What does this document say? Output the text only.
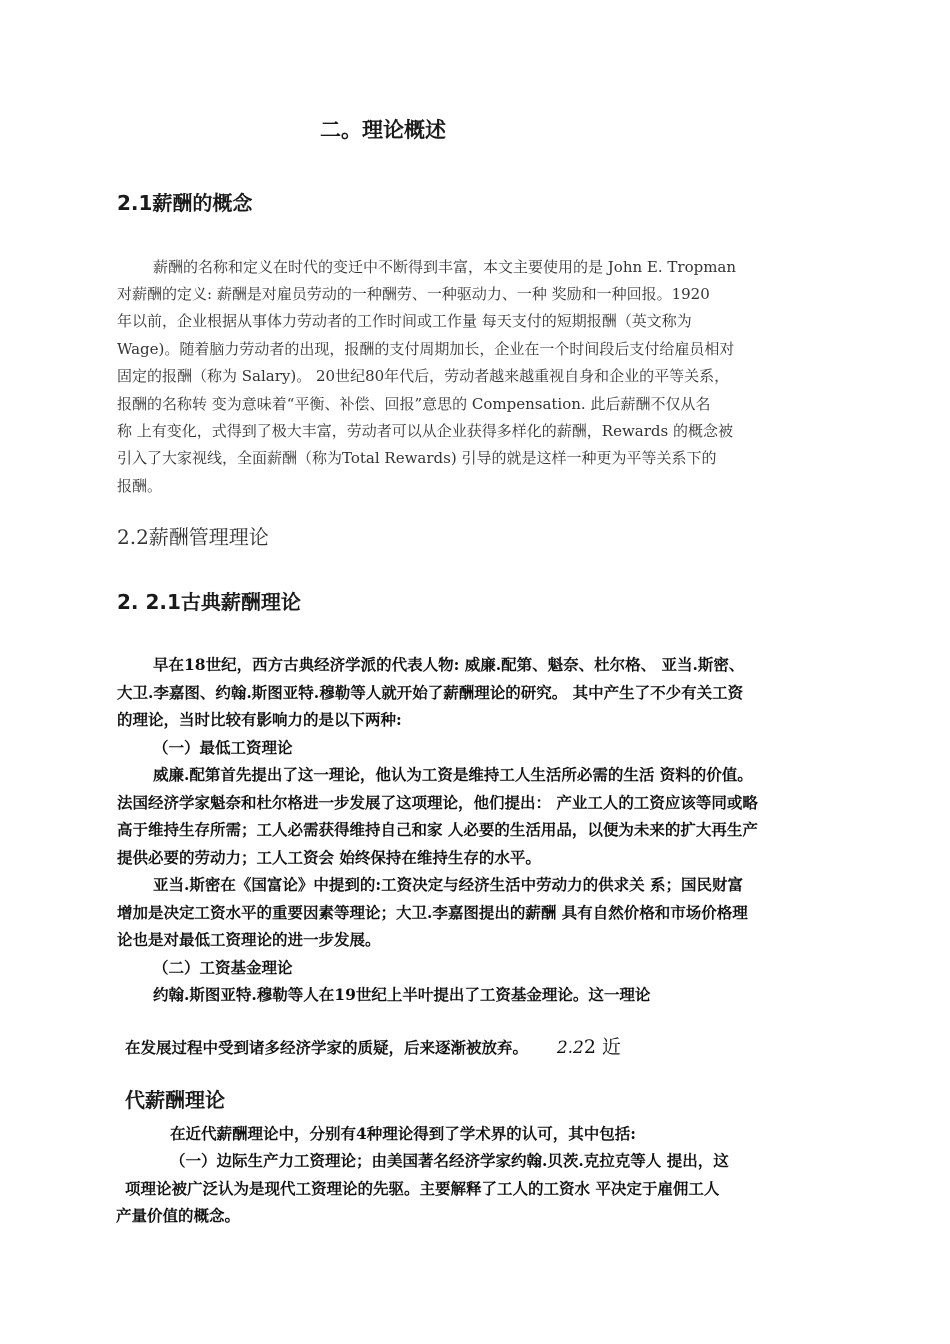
二。理论概述
2.1薪酬的概念
薪酬的名称和定义在时代的变迁中不断得到丰富，本文主要使用的是 John E. Tropman
对薪酬的定义: 薪酬是对雇员劳动的一种酬劳、一种驱动力、一种 奖励和一种回报。1920
年以前，企业根据从事体力劳动者的工作时间或工作量 每天支付的短期报酬（英文称为
Wage)。随着脑力劳动者的出现，报酬的支付周期加长，企业在一个时间段后支付给雇员相对
固定的报酬（称为 Salary)。 20世纪80年代后，劳动者越来越重视自身和企业的平等关系，
报酬的名称转 变为意味着“平衡、补偿、回报”意思的 Compensation. 此后薪酬不仅从名
称 上有变化，式得到了极大丰富，劳动者可以从企业获得多样化的薪酬，Rewards 的概念被
引入了大家视线，全面薪酬（称为Total Rewards) 引导的就是这样一种更为平等关系下的
报酬。
2.2薪酬管理理论
2. 2.1古典薪酬理论
早在18世纪，西方古典经济学派的代表人物: 威廉.配第、魁奈、杜尔格、 亚当.斯密、
大卫.李嘉图、约翰.斯图亚特.穆勒等人就开始了薪酬理论的研究。 其中产生了不少有关工资
的理论，当时比较有影响力的是以下两种:
（一）最低工资理论
威廉.配第首先提出了这一理论，他认为工资是维持工人生活所必需的生活 资料的价值。
法国经济学家魁奈和杜尔格进一步发展了这项理论，他们提出： 产业工人的工资应该等同或略
高于维持生存所需；工人必需获得维持自己和家 人必要的生活用品，以便为未来的扩大再生产
提供必要的劳动力；工人工资会 始终保持在维持生存的水平。
亚当.斯密在《国富论》中提到的:工资决定与经济生活中劳动力的供求关 系；国民财富
增加是决定工资水平的重要因素等理论；大卫.李嘉图提出的薪酬 具有自然价格和市场价格理
论也是对最低工资理论的进一步发展。
（二）工资基金理论
约翰.斯图亚特.穆勒等人在19世纪上半叶提出了工资基金理论。这一理论
在发展过程中受到诸多经济学家的质疑，后来逐渐被放弃。 2.22 近
代薪酬理论
在近代薪酬理论中，分别有4种理论得到了学术界的认可，其中包括:
（一）边际生产力工资理论；由美国著名经济学家约翰.贝茨.克拉克等人 提出，这
项理论被广泛认为是现代工资理论的先驱。主要解释了工人的工资水 平决定于雇佣工人
产量价值的概念。
